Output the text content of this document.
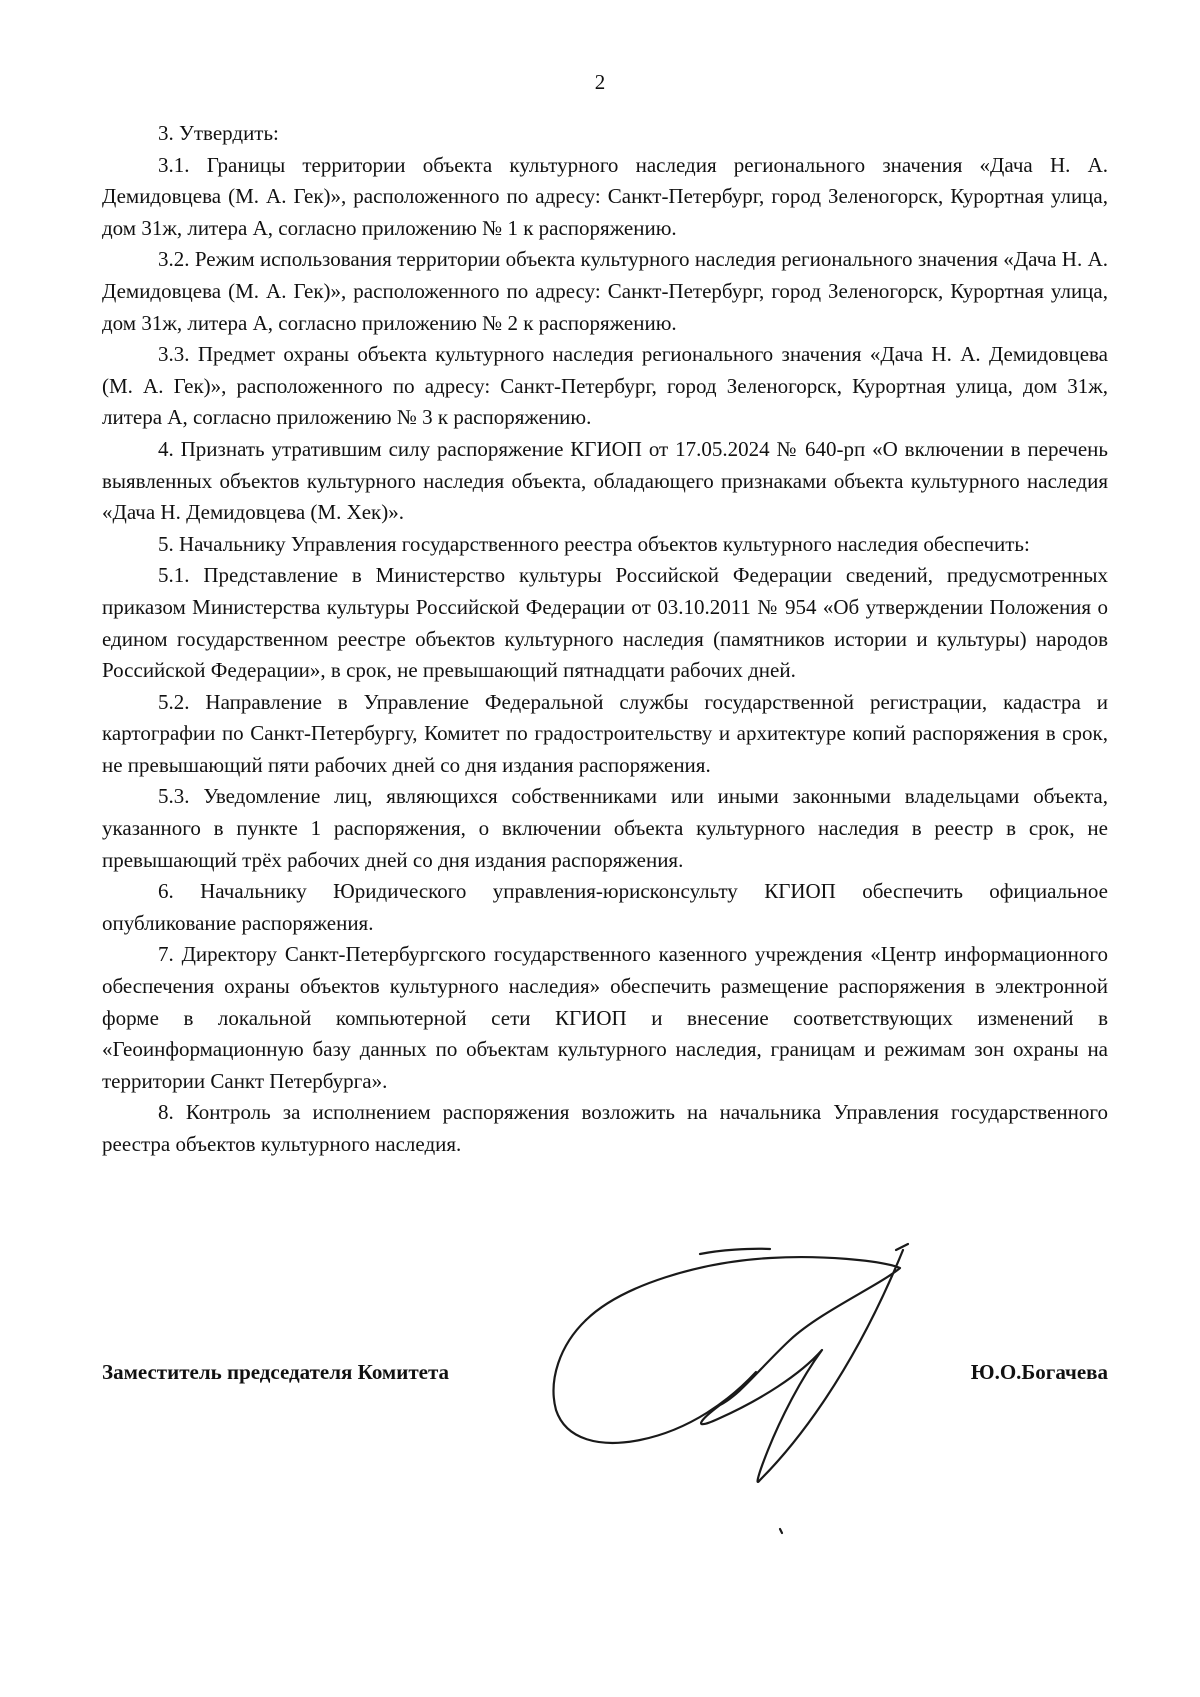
2

3. Утвердить:

3.1. Границы территории объекта культурного наследия регионального значения «Дача Н. А. Демидовцева (М. А. Гек)», расположенного по адресу: Санкт-Петербург, город Зеленогорск, Курортная улица, дом 31ж, литера А, согласно приложению № 1 к распоряжению.

3.2. Режим использования территории объекта культурного наследия регионального значения «Дача Н. А. Демидовцева (М. А. Гек)», расположенного по адресу: Санкт-Петербург, город Зеленогорск, Курортная улица, дом 31ж, литера А, согласно приложению № 2 к распоряжению.

3.3. Предмет охраны объекта культурного наследия регионального значения «Дача Н. А. Демидовцева (М. А. Гек)», расположенного по адресу: Санкт-Петербург, город Зеленогорск, Курортная улица, дом 31ж, литера А, согласно приложению № 3 к распоряжению.

4. Признать утратившим силу распоряжение КГИОП от 17.05.2024 № 640-рп «О включении в перечень выявленных объектов культурного наследия объекта, обладающего признаками объекта культурного наследия «Дача Н. Демидовцева (М. Хек)».

5. Начальнику Управления государственного реестра объектов культурного наследия обеспечить:

5.1. Представление в Министерство культуры Российской Федерации сведений, предусмотренных приказом Министерства культуры Российской Федерации от 03.10.2011 № 954 «Об утверждении Положения о едином государственном реестре объектов культурного наследия (памятников истории и культуры) народов Российской Федерации», в срок, не превышающий пятнадцати рабочих дней.

5.2. Направление в Управление Федеральной службы государственной регистрации, кадастра и картографии по Санкт-Петербургу, Комитет по градостроительству и архитектуре копий распоряжения в срок, не превышающий пяти рабочих дней со дня издания распоряжения.

5.3. Уведомление лиц, являющихся собственниками или иными законными владельцами объекта, указанного в пункте 1 распоряжения, о включении объекта культурного наследия в реестр в срок, не превышающий трёх рабочих дней со дня издания распоряжения.

6. Начальнику Юридического управления-юрисконсульту КГИОП обеспечить официальное опубликование распоряжения.

7. Директору Санкт-Петербургского государственного казенного учреждения «Центр информационного обеспечения охраны объектов культурного наследия» обеспечить размещение распоряжения в электронной форме в локальной компьютерной сети КГИОП и внесение соответствующих изменений в «Геоинформационную базу данных по объектам культурного наследия, границам и режимам зон охраны на территории Санкт Петербурга».

8. Контроль за исполнением распоряжения возложить на начальника Управления государственного реестра объектов культурного наследия.

Заместитель председателя Комитета	Ю.О.Богачева
